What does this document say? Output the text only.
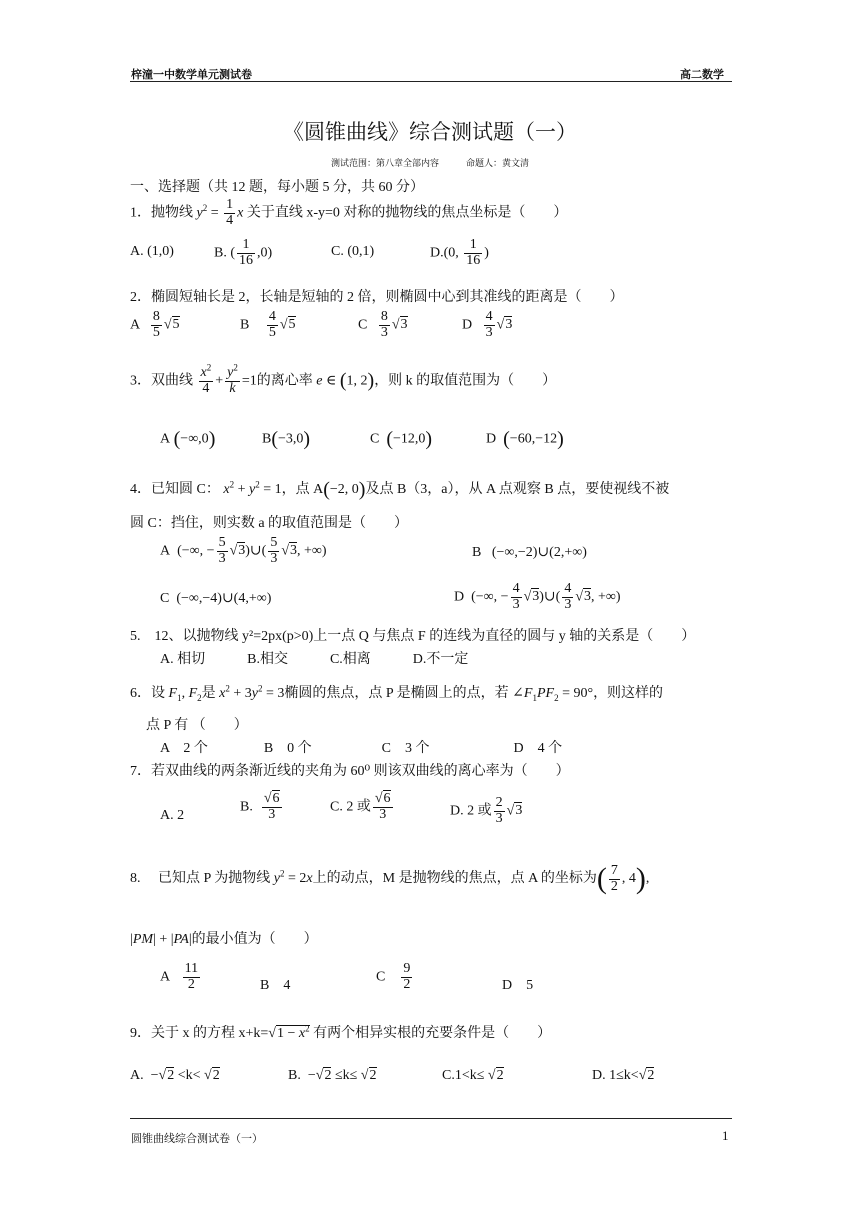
梓潼一中数学单元测试卷	高二数学
《圆锥曲线》综合测试题（一）
测试范围：第八章全部内容　　　命题人：黄文清
一、选择题（共 12 题，每小题 5 分，共 60 分）
1．抛物线 $y^2 = \frac{1}{4}$ x 关于直线 x-y=0 对称的抛物线的焦点坐标是（　　）
A. (1,0)	B. ( $\frac{1}{16} ,0$)	C. (0,1)	D.(0, $\frac{1}{16}$ )
2．椭圆短轴长是 2，长轴是短轴的 2 倍，则椭圆中心到其准线的距离是（　　）
A $\frac{8}{5} √5$	B $\frac{4}{5} √5$	C $\frac{8}{3} √3$	D $\frac{4}{3} √3$
3．双曲线 $\frac{x^2}{4} + \frac{y^2}{k} =1$的离心率 e ∈ (1, 2)，则 k 的取值范围为（　　）
A (−∞,0)	B(−3,0)	C (−12,0)	D (−60,−12)
4．已知圆 C： $x^2 + y^2 = 1$，点 A(−2, 0)及点 B（3，a），从 A 点观察 B 点，要使视线不被
圆 C：挡住，则实数 a 的取值范围是（　　）
A  (−∞, − $\frac{5}{3}$ √3)∪( $\frac{5}{3} √3$, +∞)	B (−∞,−2)∪(2,+∞)
C (−∞,−4)∪(4,+∞)	D  (−∞, − $\frac{4}{3}$ √3)∪( $\frac{4}{3} √3$, +∞)
5.　12、以抛物线 y²=2px(p>0)上一点 Q 与焦点 F 的连线为直径的圆与 y 轴的关系是（　　）
A. 相切　　　B.相交　　　C.相离　　　D.不一定
6．设 $F_1$, $F_2$是 $x^2 + 3y^2 = 3$椭圆的焦点，点 P 是椭圆上的点，若 $\angle F_1PF_2 = 90^\circ$，则这样的
点 P 有 （　　）
A　2 个　　　　B　0 个　　　　　C　3 个　　　　　　D　4 个
7．若双曲线的两条渐近线的夹角为 60⁰ 则该双曲线的离心率为（　　）
A. 2
B. $\frac{√6}{3}$	C. 2 或 $\frac{√6}{3}$	D. 2 或 $\frac{2}{3} √3$
8.　 已知点 P 为抛物线 $y^2 = 2x$上的动点，M 是抛物线的焦点，点 A 的坐标为( $\frac{7}{2}$ , 4),
|PM| + |PA|的最小值为（　　）
A $\frac{11}{2}$	B　4
C $\frac{9}{2}$	D　5
9．关于 x 的方程 $x+k=√1 - x^2$ 有两个相异实根的充要条件是（　　）
A.  −√2 <k< √2	B.  −√2 ≤k≤ √2	C.1<k≤ √2	D. 1≤k<√2
圆锥曲线综合测试卷（一）	1
